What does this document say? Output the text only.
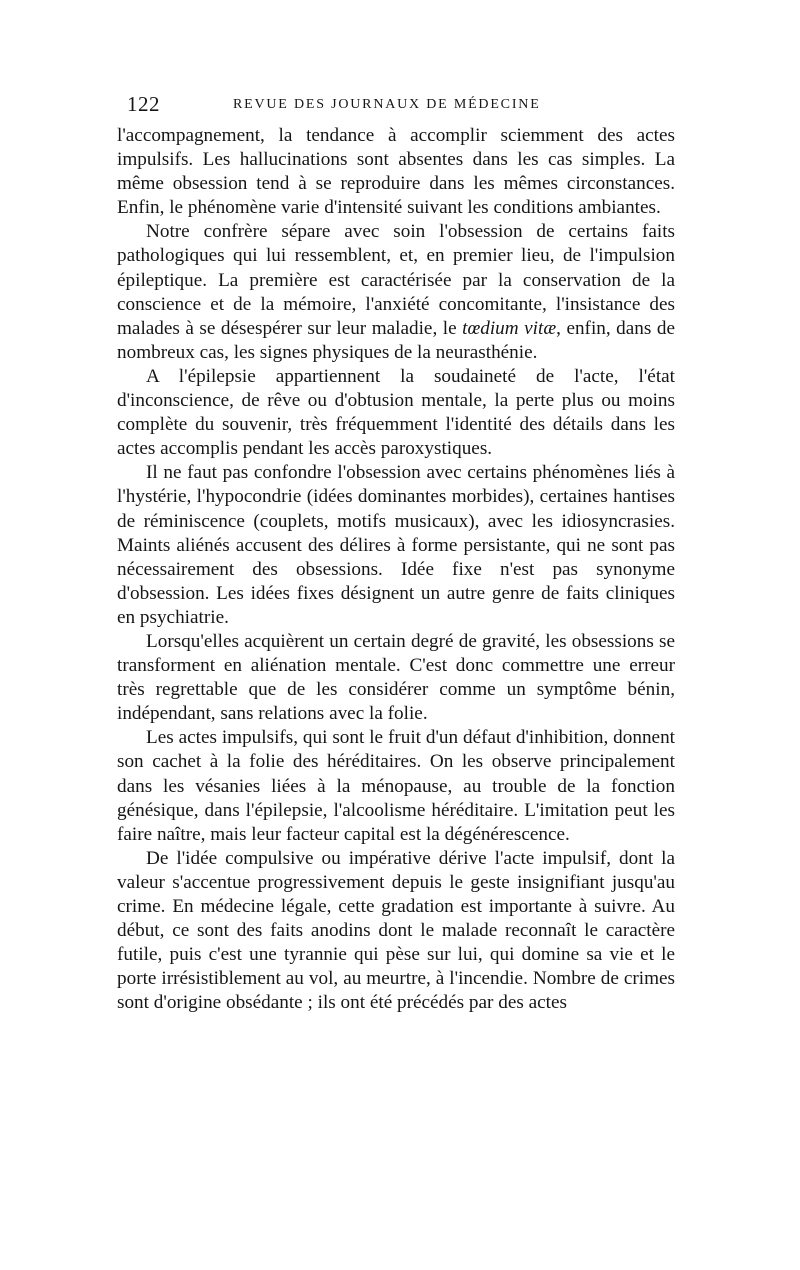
122	REVUE DES JOURNAUX DE MÉDECINE

l'accompagnement, la tendance à accomplir sciemment des actes impulsifs. Les hallucinations sont absentes dans les cas simples. La même obsession tend à se reproduire dans les mêmes circonstances. Enfin, le phénomène varie d'intensité suivant les conditions ambiantes.

Notre confrère sépare avec soin l'obsession de certains faits pathologiques qui lui ressemblent, et, en premier lieu, de l'impulsion épileptique. La première est caractérisée par la conservation de la conscience et de la mémoire, l'anxiété concomitante, l'insistance des malades à se désespérer sur leur maladie, le tœdium vitæ, enfin, dans de nombreux cas, les signes physiques de la neurasthénie.

A l'épilepsie appartiennent la soudaineté de l'acte, l'état d'inconscience, de rêve ou d'obtusion mentale, la perte plus ou moins complète du souvenir, très fréquemment l'identité des détails dans les actes accomplis pendant les accès paroxystiques.

Il ne faut pas confondre l'obsession avec certains phénomènes liés à l'hystérie, l'hypocondrie (idées dominantes morbides), certaines hantises de réminiscence (couplets, motifs musicaux), avec les idiosyncrasies. Maints aliénés accusent des délires à forme persistante, qui ne sont pas nécessairement des obsessions. Idée fixe n'est pas synonyme d'obsession. Les idées fixes désignent un autre genre de faits cliniques en psychiatrie.

Lorsqu'elles acquièrent un certain degré de gravité, les obsessions se transforment en aliénation mentale. C'est donc commettre une erreur très regrettable que de les considérer comme un symptôme bénin, indépendant, sans relations avec la folie.

Les actes impulsifs, qui sont le fruit d'un défaut d'inhibition, donnent son cachet à la folie des héréditaires. On les observe principalement dans les vésanies liées à la ménopause, au trouble de la fonction génésique, dans l'épilepsie, l'alcoolisme héréditaire. L'imitation peut les faire naître, mais leur facteur capital est la dégénérescence.

De l'idée compulsive ou impérative dérive l'acte impulsif, dont la valeur s'accentue progressivement depuis le geste insignifiant jusqu'au crime. En médecine légale, cette gradation est importante à suivre. Au début, ce sont des faits anodins dont le malade reconnaît le caractère futile, puis c'est une tyrannie qui pèse sur lui, qui domine sa vie et le porte irrésistiblement au vol, au meurtre, à l'incendie. Nombre de crimes sont d'origine obsédante ; ils ont été précédés par des actes
